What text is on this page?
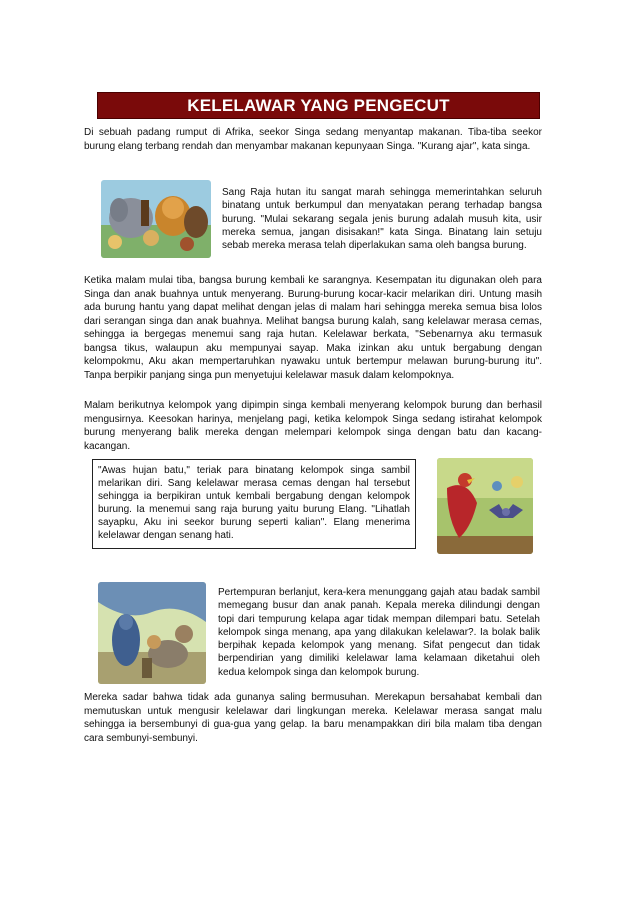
KELELAWAR YANG PENGECUT

Di sebuah padang rumput di Afrika, seekor Singa sedang menyantap makanan. Tiba-tiba seekor burung elang terbang rendah dan menyambar makanan kepunyaan Singa. "Kurang ajar", kata singa.

Sang Raja hutan itu sangat marah sehingga memerintahkan seluruh binatang untuk berkumpul dan menyatakan perang terhadap bangsa burung. "Mulai sekarang segala jenis burung adalah musuh kita, usir mereka semua, jangan disisakan!" kata Singa. Binatang lain setuju sebab mereka merasa telah diperlakukan sama oleh bangsa burung.

Ketika malam mulai tiba, bangsa burung kembali ke sarangnya. Kesempatan itu digunakan oleh para Singa dan anak buahnya untuk menyerang. Burung-burung kocar-kacir melarikan diri. Untung masih ada burung hantu yang dapat melihat dengan jelas di malam hari sehingga mereka semua bisa lolos dari serangan singa dan anak buahnya. Melihat bangsa burung kalah, sang kelelawar merasa cemas, sehingga ia bergegas menemui sang raja hutan. Kelelawar berkata, "Sebenarnya aku termasuk bangsa tikus, walaupun aku mempunyai sayap. Maka izinkan aku untuk bergabung dengan kelompokmu, Aku akan mempertaruhkan nyawaku untuk bertempur melawan burung-burung itu". Tanpa berpikir panjang singa pun menyetujui kelelawar masuk dalam kelompoknya.

Malam berikutnya kelompok yang dipimpin singa kembali menyerang kelompok burung dan berhasil mengusirnya. Keesokan harinya, menjelang pagi, ketika kelompok Singa sedang istirahat kelompok burung menyerang balik mereka dengan melempari kelompok singa dengan batu dan kacang-kacangan.

"Awas hujan batu," teriak para binatang kelompok singa sambil melarikan diri. Sang kelelawar merasa cemas dengan hal tersebut sehingga ia berpikiran untuk kembali bergabung dengan kelompok burung. Ia menemui sang raja burung yaitu burung Elang. "Lihatlah sayapku, Aku ini seekor burung seperti kalian". Elang menerima kelelawar dengan senang hati.

Pertempuran berlanjut, kera-kera menunggang gajah atau badak sambil memegang busur dan anak panah. Kepala mereka dilindungi dengan topi dari tempurung kelapa agar tidak mempan dilempari batu. Setelah kelompok singa menang, apa yang dilakukan kelelawar?. Ia bolak balik berpihak kepada kelompok yang menang. Sifat pengecut dan tidak berpendirian yang dimiliki kelelawar lama kelamaan diketahui oleh kedua kelompok singa dan kelompok burung.

Mereka sadar bahwa tidak ada gunanya saling bermusuhan. Merekapun bersahabat kembali dan memutuskan untuk mengusir kelelawar dari lingkungan mereka. Kelelawar merasa sangat malu sehingga ia bersembunyi di gua-gua yang gelap. Ia baru menampakkan diri bila malam tiba dengan cara sembunyi-sembunyi.
